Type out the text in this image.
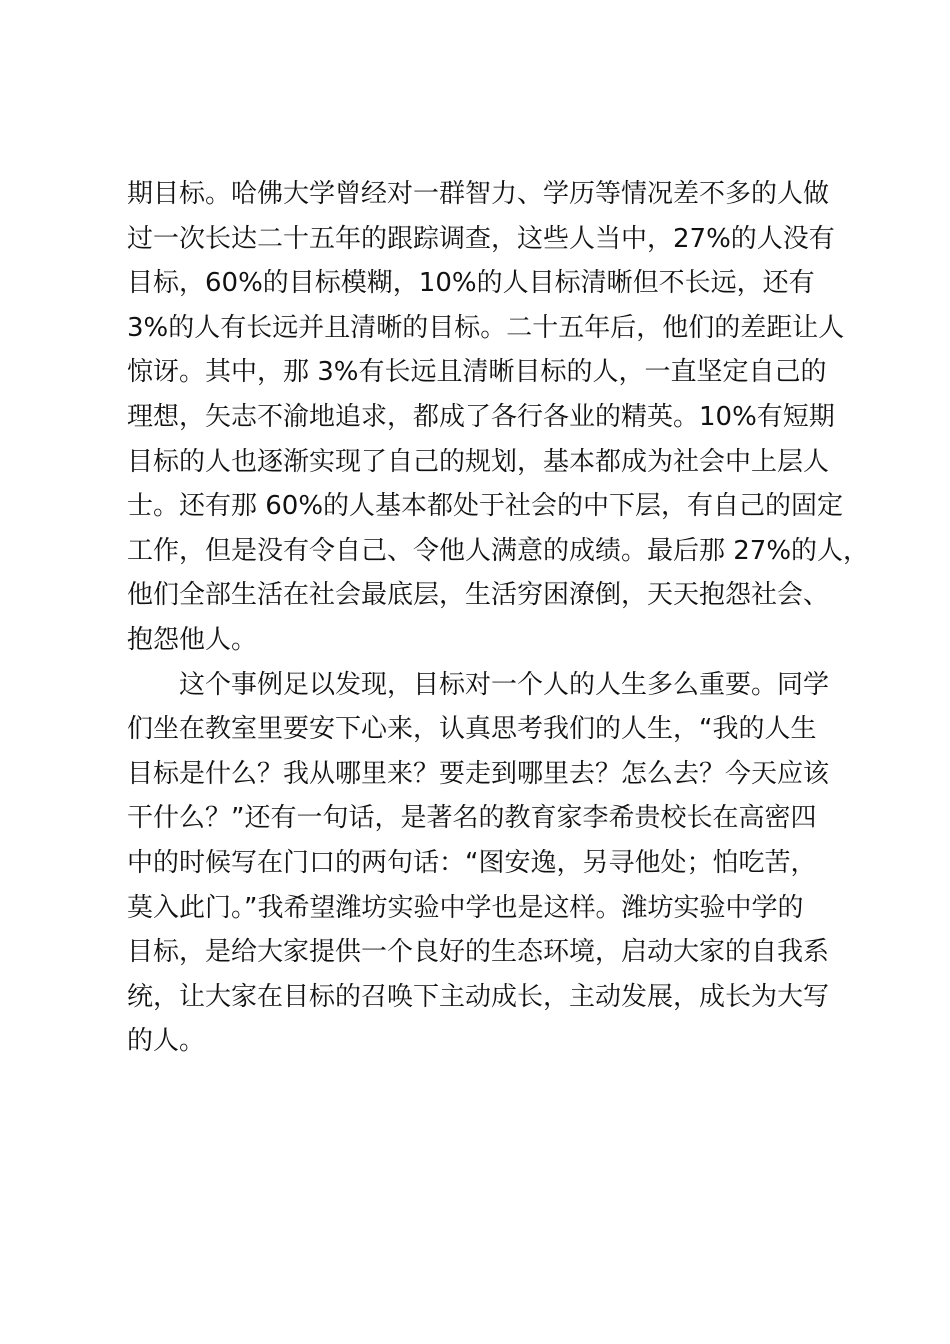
期目标。哈佛大学曾经对一群智力、学历等情况差不多的人做
过一次长达二十五年的跟踪调查，这些人当中，27%的人没有
目标，60%的目标模糊，10%的人目标清晰但不长远，还有
3%的人有长远并且清晰的目标。二十五年后，他们的差距让人
惊讶。其中，那 3%有长远且清晰目标的人，一直坚定自己的
理想，矢志不渝地追求，都成了各行各业的精英。10%有短期
目标的人也逐渐实现了自己的规划，基本都成为社会中上层人
士。还有那 60%的人基本都处于社会的中下层，有自己的固定
工作，但是没有令自己、令他人满意的成绩。最后那 27%的人，
他们全部生活在社会最底层，生活穷困潦倒，天天抱怨社会、
抱怨他人。
　　这个事例足以发现，目标对一个人的人生多么重要。同学
们坐在教室里要安下心来，认真思考我们的人生，“我的人生
目标是什么？我从哪里来？要走到哪里去？怎么去？今天应该
干什么？”还有一句话，是著名的教育家李希贵校长在高密四
中的时候写在门口的两句话：“图安逸，另寻他处；怕吃苦，
莫入此门。”我希望潍坊实验中学也是这样。潍坊实验中学的
目标，是给大家提供一个良好的生态环境，启动大家的自我系
统，让大家在目标的召唤下主动成长，主动发展，成长为大写
的人。
